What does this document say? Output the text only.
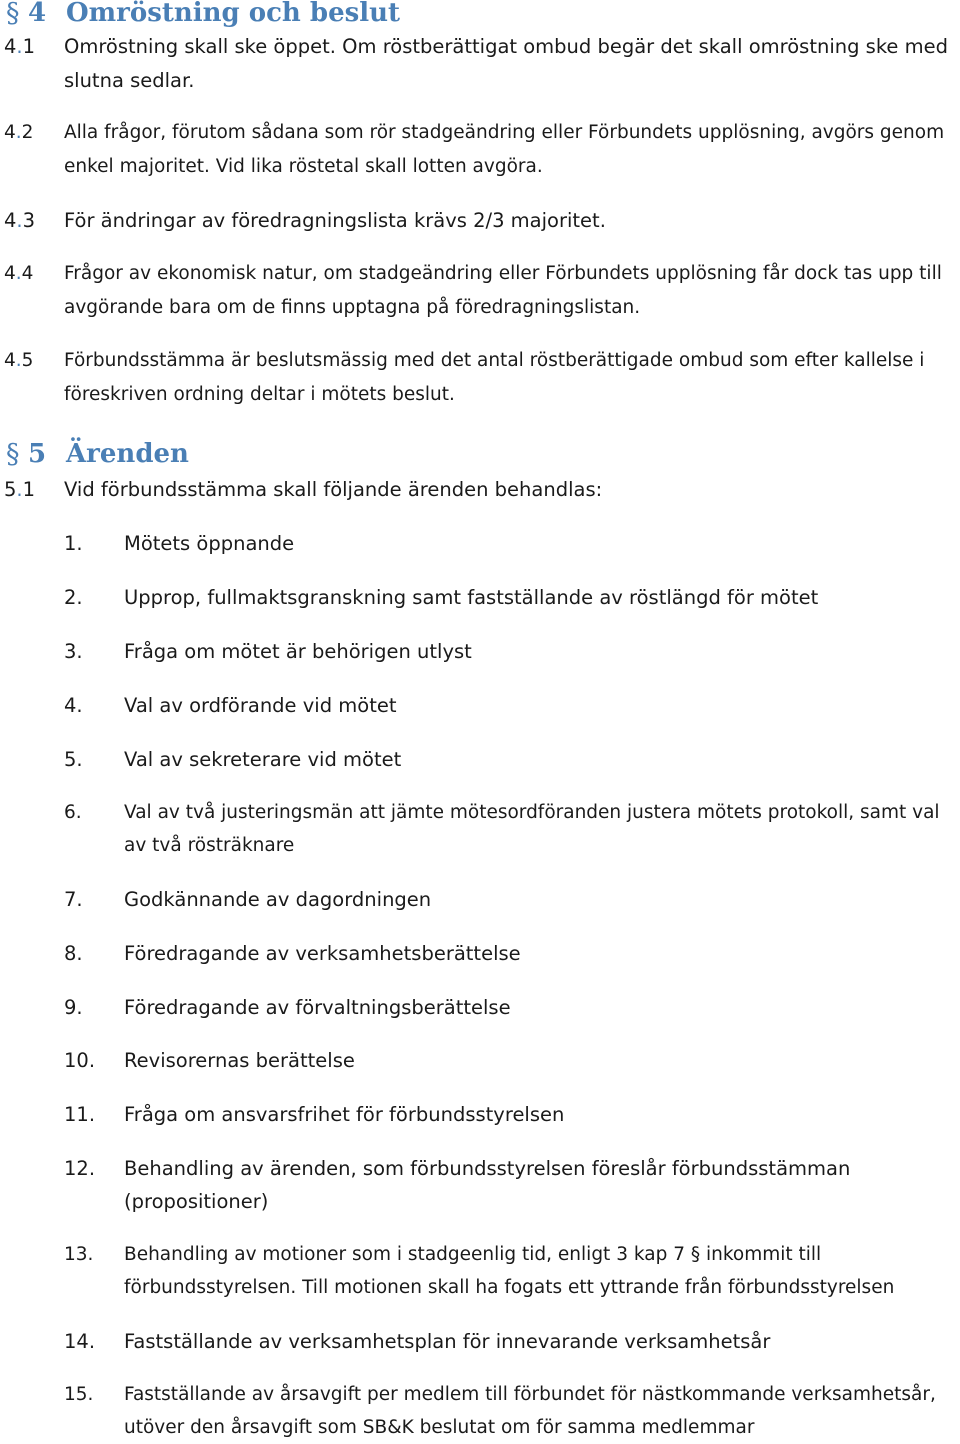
§ 4 Omröstning och beslut
4.1	Omröstning skall ske öppet. Om röstberättigat ombud begär det skall omröstning ske med
slutna sedlar.
4.2	Alla frågor, förutom sådana som rör stadgeändring eller Förbundets upplösning, avgörs genom
enkel majoritet. Vid lika röstetal skall lotten avgöra.
4.3	För ändringar av föredragningslista krävs 2/3 majoritet.
4.4	Frågor av ekonomisk natur, om stadgeändring eller Förbundets upplösning får dock tas upp till
avgörande bara om de finns upptagna på föredragningslistan.
4.5	Förbundsstämma är beslutsmässig med det antal röstberättigade ombud som efter kallelse i
föreskriven ordning deltar i mötets beslut.
§ 5 Ärenden
5.1	Vid förbundsstämma skall följande ärenden behandlas:
1.	Mötets öppnande
2.	Upprop, fullmaktsgranskning samt fastställande av röstlängd för mötet
3.	Fråga om mötet är behörigen utlyst
4.	Val av ordförande vid mötet
5.	Val av sekreterare vid mötet
6.	Val av två justeringsmän att jämte mötesordföranden justera mötets protokoll, samt val
av två rösträknare
7.	Godkännande av dagordningen
8.	Föredragande av verksamhetsberättelse
9.	Föredragande av förvaltningsberättelse
10.	Revisorernas berättelse
11.	Fråga om ansvarsfrihet för förbundsstyrelsen
12.	Behandling av ärenden, som förbundsstyrelsen föreslår förbundsstämman
(propositioner)
13.	Behandling av motioner som i stadgeenlig tid, enligt 3 kap 7 § inkommit till
förbundsstyrelsen. Till motionen skall ha fogats ett yttrande från förbundsstyrelsen
14.	Fastställande av verksamhetsplan för innevarande verksamhetsår
15.	Fastställande av årsavgift per medlem till förbundet för nästkommande verksamhetsår,
utöver den årsavgift som SB&K beslutat om för samma medlemmar
